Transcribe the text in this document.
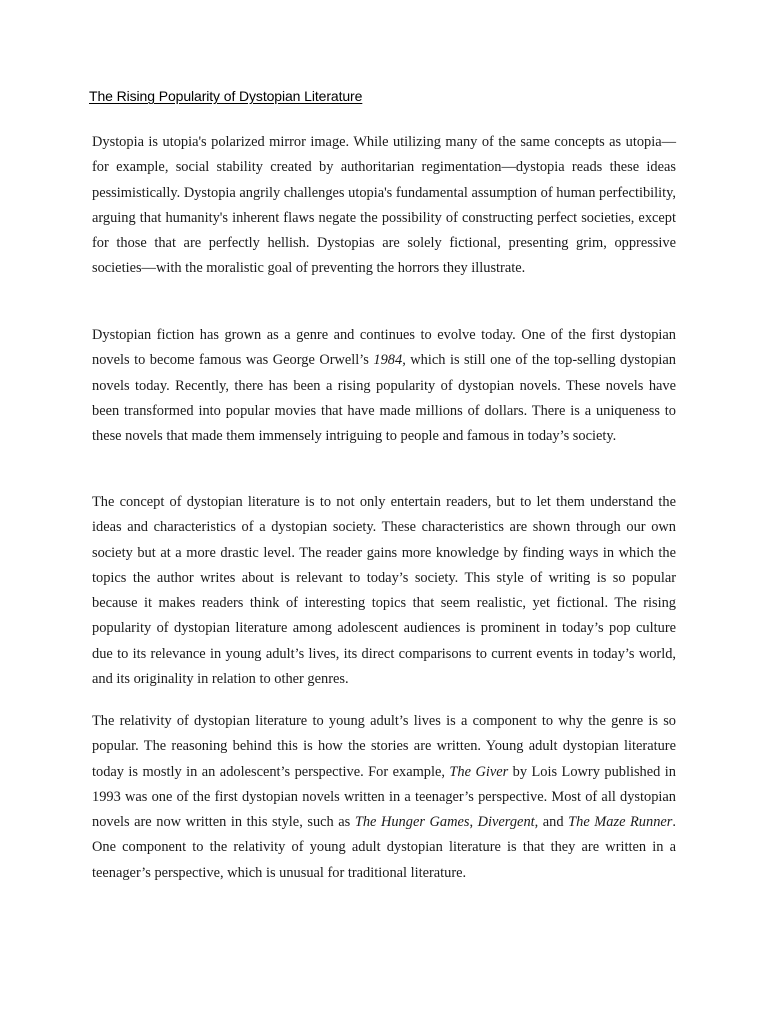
The Rising Popularity of Dystopian Literature

Dystopia is utopia's polarized mirror image. While utilizing many of the same concepts as utopia—for example, social stability created by authoritarian regimentation—dystopia reads these ideas pessimistically. Dystopia angrily challenges utopia's fundamental assumption of human perfectibility, arguing that humanity's inherent flaws negate the possibility of constructing perfect societies, except for those that are perfectly hellish. Dystopias are solely fictional, presenting grim, oppressive societies—with the moralistic goal of preventing the horrors they illustrate.

Dystopian fiction has grown as a genre and continues to evolve today. One of the first dystopian novels to become famous was George Orwell’s 1984, which is still one of the top-selling dystopian novels today. Recently, there has been a rising popularity of dystopian novels. These novels have been transformed into popular movies that have made millions of dollars. There is a uniqueness to these novels that made them immensely intriguing to people and famous in today’s society.

The concept of dystopian literature is to not only entertain readers, but to let them understand the ideas and characteristics of a dystopian society. These characteristics are shown through our own society but at a more drastic level. The reader gains more knowledge by finding ways in which the topics the author writes about is relevant to today’s society. This style of writing is so popular because it makes readers think of interesting topics that seem realistic, yet fictional. The rising popularity of dystopian literature among adolescent audiences is prominent in today’s pop culture due to its relevance in young adult’s lives, its direct comparisons to current events in today’s world, and its originality in relation to other genres.

The relativity of dystopian literature to young adult’s lives is a component to why the genre is so popular. The reasoning behind this is how the stories are written. Young adult dystopian literature today is mostly in an adolescent’s perspective. For example, The Giver by Lois Lowry published in 1993 was one of the first dystopian novels written in a teenager’s perspective. Most of all dystopian novels are now written in this style, such as The Hunger Games, Divergent, and The Maze Runner. One component to the relativity of young adult dystopian literature is that they are written in a teenager’s perspective, which is unusual for traditional literature.
